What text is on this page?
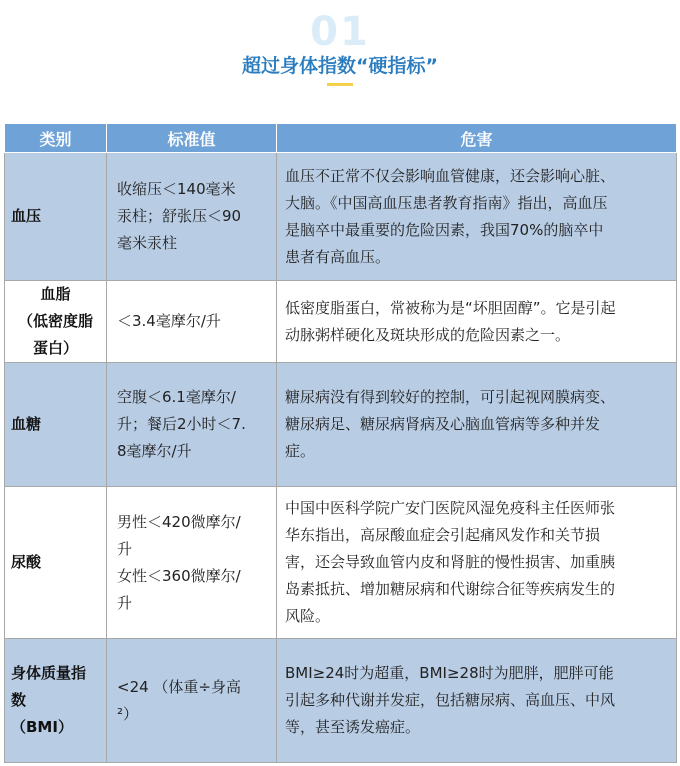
01
超过身体指数“硬指标”
类别	标准值	危害

血压	收缩压＜140毫米
汞柱；舒张压＜90
毫米汞柱	血压不正常不仅会影响血管健康，还会影响心脏、
大脑。《中国高血压患者教育指南》指出，高血压
是脑卒中最重要的危险因素，我国70%的脑卒中
患者有高血压。

血脂
（低密度脂
蛋白）	＜3.4毫摩尔/升	低密度脂蛋白，常被称为是“坏胆固醇”。它是引起
动脉粥样硬化及斑块形成的危险因素之一。

血糖	空腹＜6.1毫摩尔/
升；餐后2小时＜7.
8毫摩尔/升	糖尿病没有得到较好的控制，可引起视网膜病变、
糖尿病足、糖尿病肾病及心脑血管病等多种并发
症。

尿酸	男性＜420微摩尔/
升
女性＜360微摩尔/
升	中国中医科学院广安门医院风湿免疫科主任医师张
华东指出，高尿酸血症会引起痛风发作和关节损
害，还会导致血管内皮和肾脏的慢性损害、加重胰
岛素抵抗、增加糖尿病和代谢综合征等疾病发生的
风险。

身体质量指
数
（BMI）	<24 （体重÷身高
²）	BMI≥24时为超重，BMI≥28时为肥胖，肥胖可能
引起多种代谢并发症，包括糖尿病、高血压、中风
等，甚至诱发癌症。
